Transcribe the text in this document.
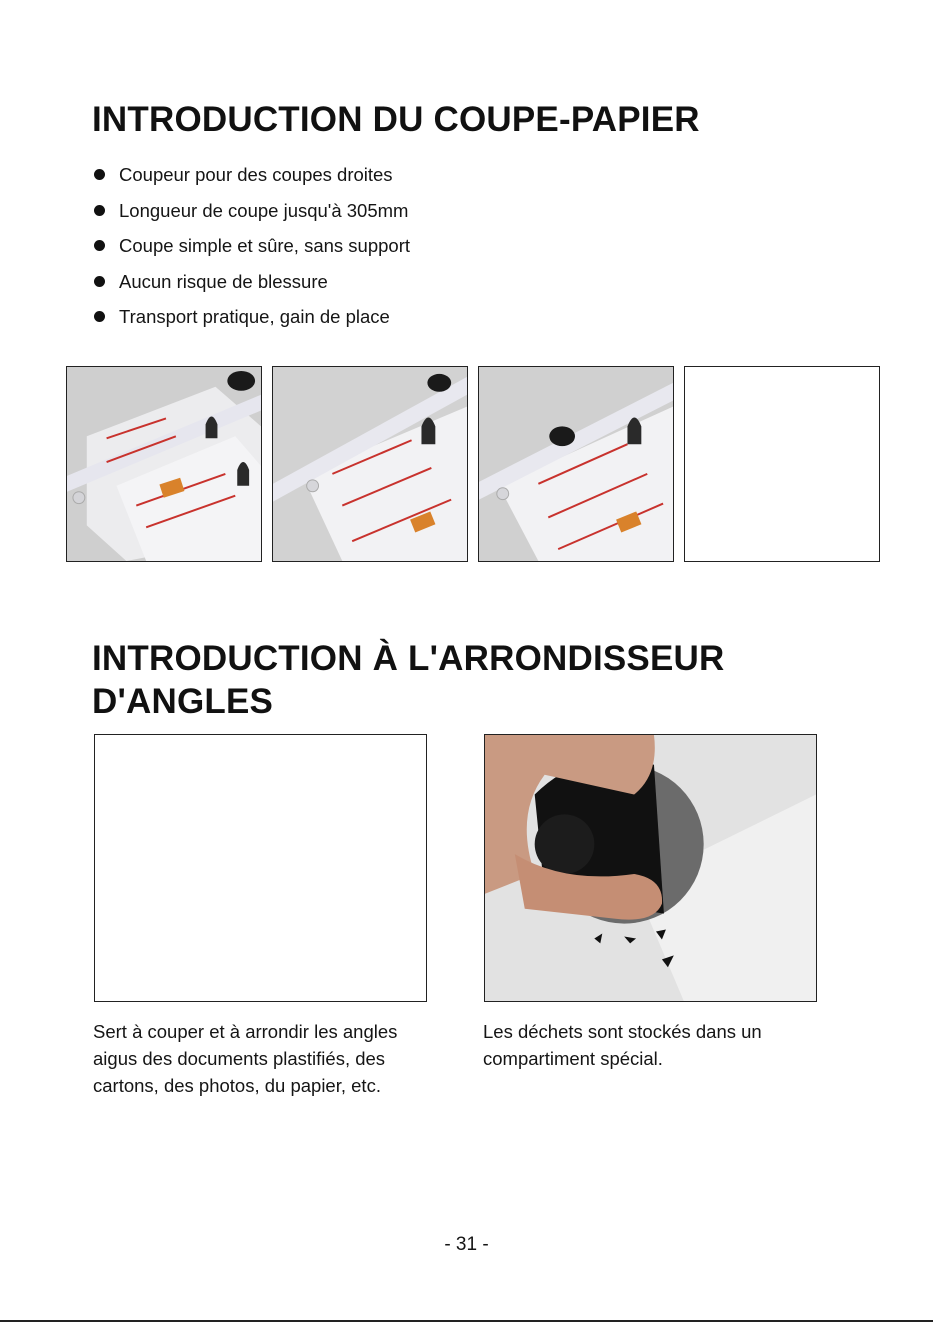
INTRODUCTION DU COUPE-PAPIER
Coupeur pour des coupes droites
Longueur de coupe jusqu'à 305mm
Coupe simple et sûre, sans support
Aucun risque de blessure
Transport pratique, gain de place
INTRODUCTION À L'ARRONDISSEUR
D'ANGLES

Sert à couper et à arrondir les angles aigus des documents plastifiés, des cartons, des photos, du papier, etc.

Les déchets sont stockés dans un compartiment spécial.

- 31 -
